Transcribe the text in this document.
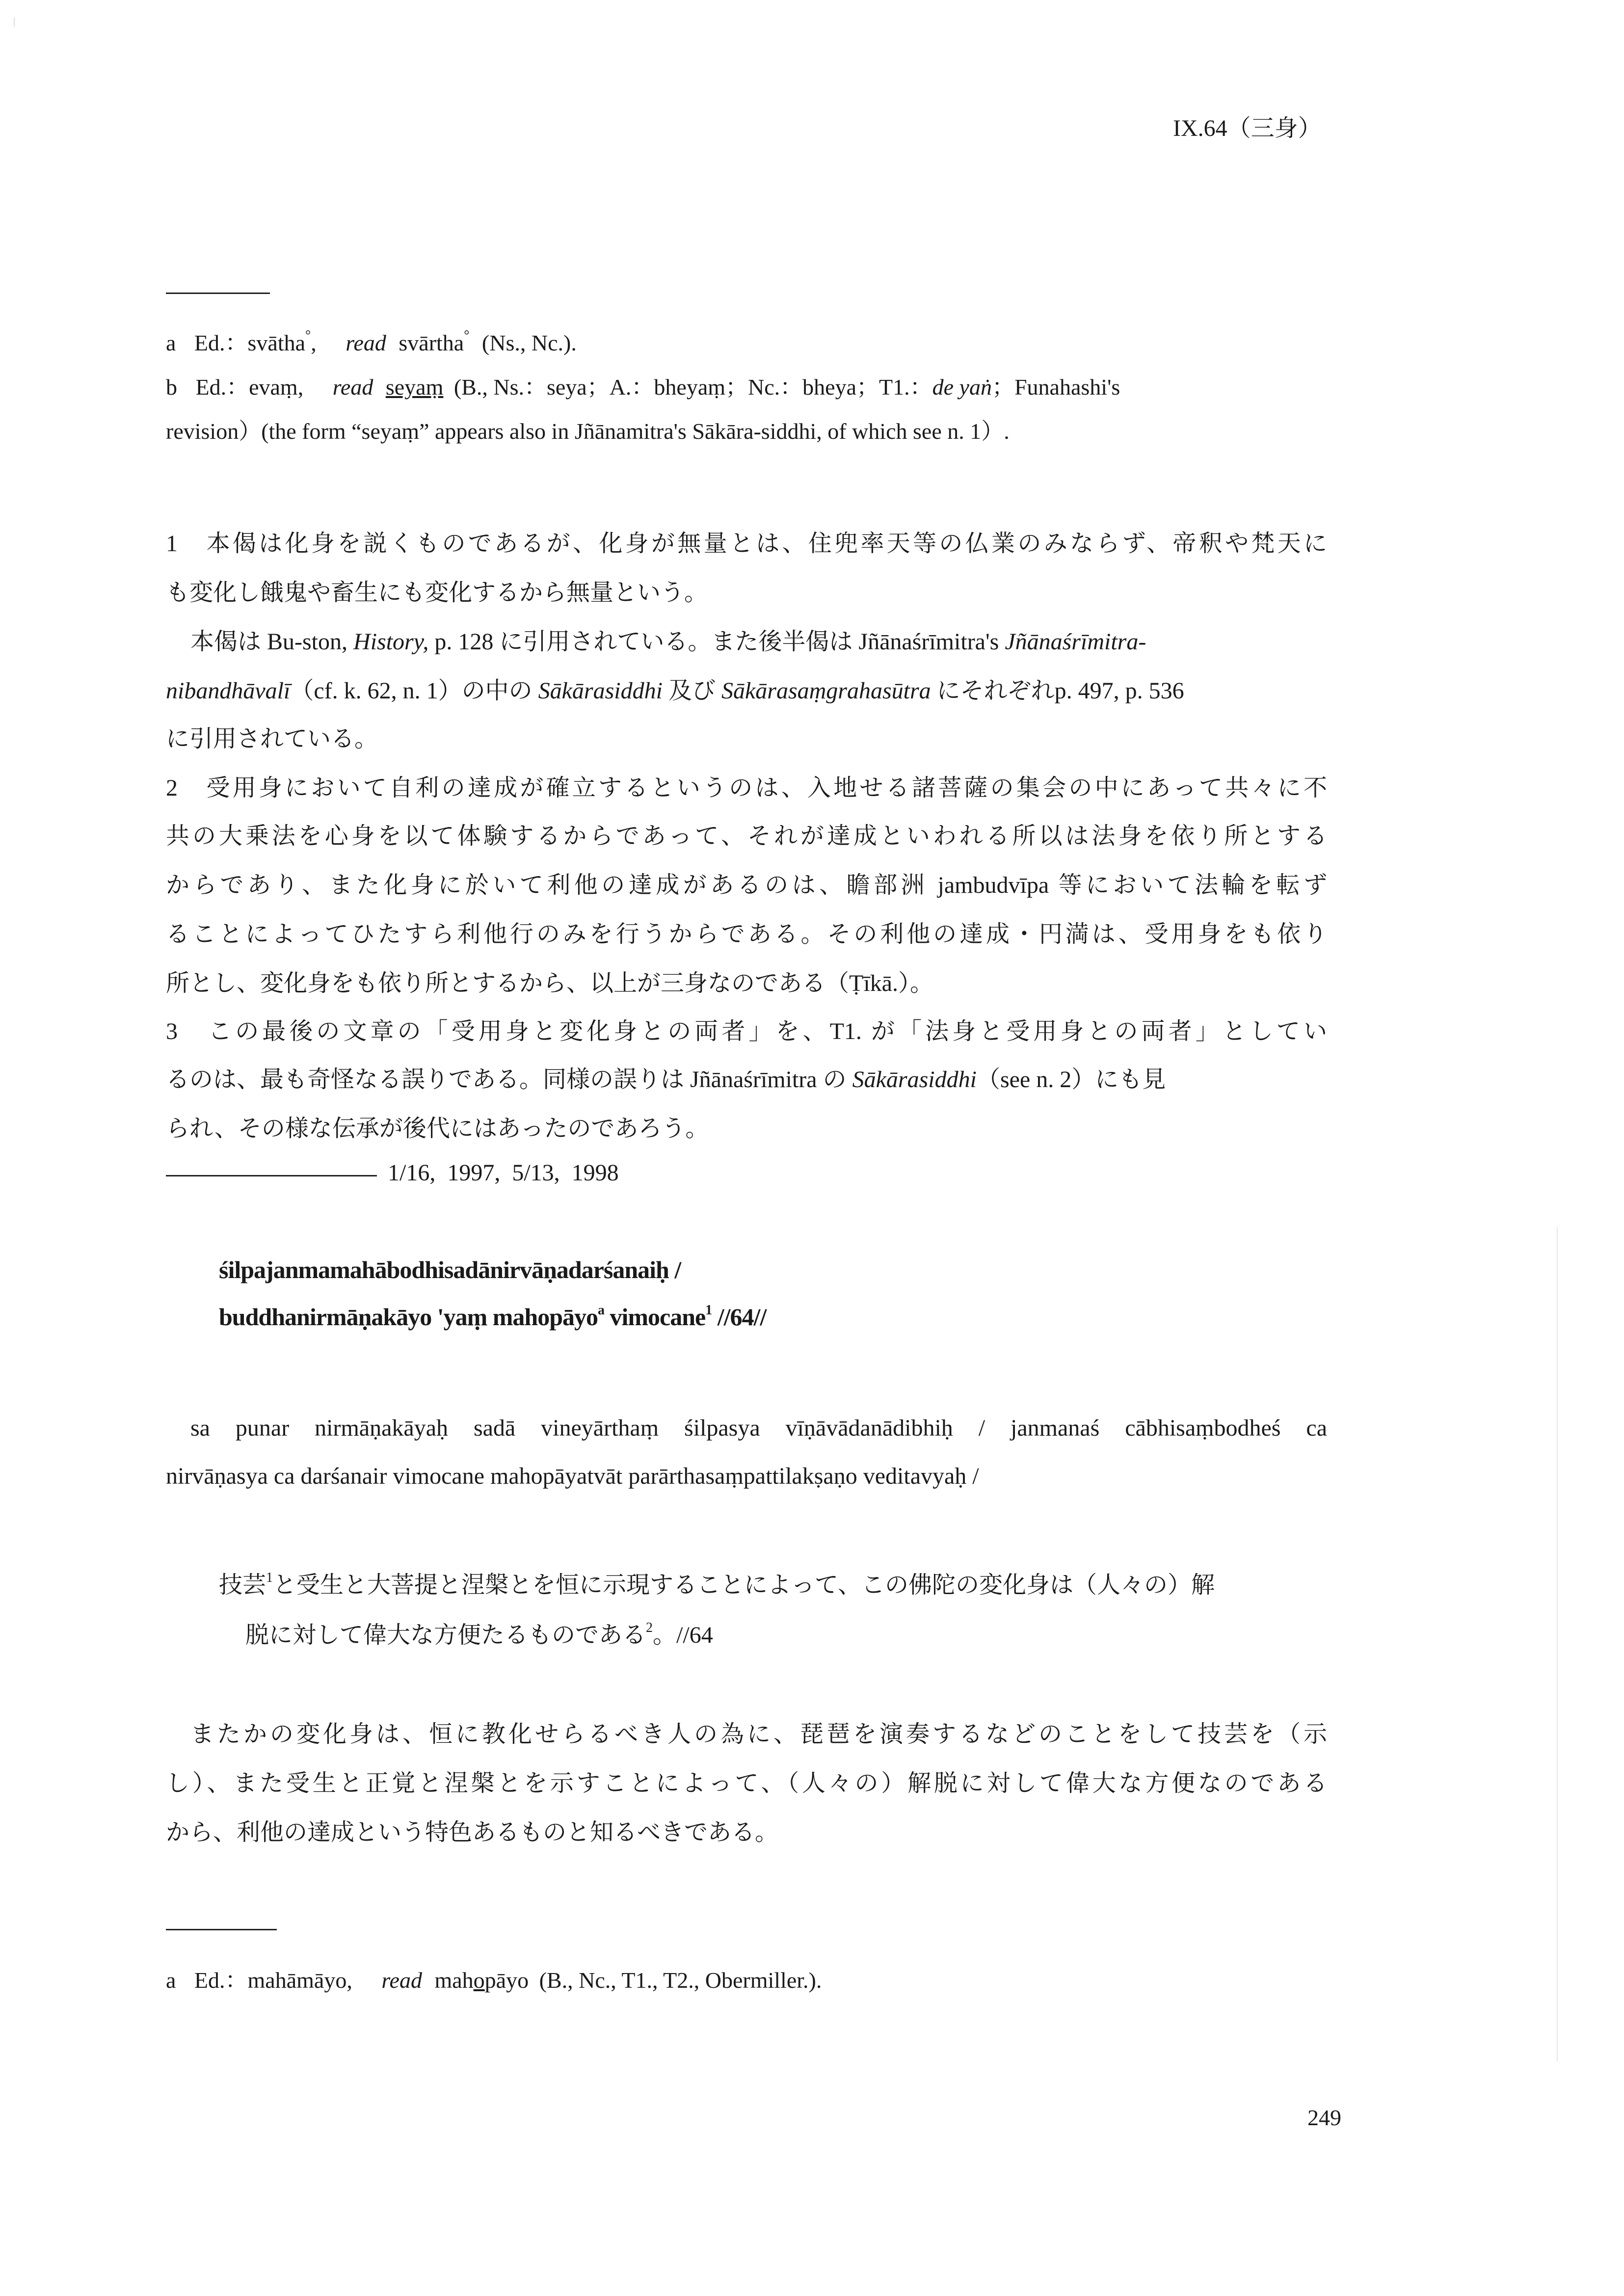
IX.64（三身）
a Ed.：svātha°, read svārtha° (Ns., Nc.).
b Ed.：evaṃ, read seyaṃ (B., Ns.：seya；A.：bheyaṃ；Nc.：bheya；T1.：de yaṅ；Funahashi's
revision）(the form “seyaṃ” appears also in Jñānamitra's Sākāra-siddhi, of which see n. 1）.
1　本偈は化身を説くものであるが、化身が無量とは、住兜率天等の仏業のみならず、帝釈や梵天に
も変化し餓鬼や畜生にも変化するから無量という。
本偈は Bu-ston, History, p. 128 に引用されている。また後半偈は Jñānaśrīmitra's Jñānaśrīmitra-
nibandhāvalī（cf. k. 62, n. 1）の中の Sākārasiddhi 及び Sākārasaṃgrahasūtra にそれぞれp. 497, p. 536
に引用されている。
2　受用身において自利の達成が確立するというのは、入地せる諸菩薩の集会の中にあって共々に不
共の大乗法を心身を以て体験するからであって、それが達成といわれる所以は法身を依り所とする
からであり、また化身に於いて利他の達成があるのは、瞻部洲 jambudvīpa 等において法輪を転ず
ることによってひたすら利他行のみを行うからである。その利他の達成・円満は、受用身をも依り
所とし、変化身をも依り所とするから、以上が三身なのである（Ṭīkā.）。
3　この最後の文章の「受用身と変化身との両者」を、T1. が「法身と受用身との両者」としてい
るのは、最も奇怪なる誤りである。同様の誤りは Jñānaśrīmitra の Sākārasiddhi（see n. 2）にも見
られ、その様な伝承が後代にはあったのであろう。
1/16, 1997, 5/13, 1998
śilpajanmamahābodhisadānirvāṇadarśanaiḥ /
buddhanirmāṇakāyo 'yaṃ mahopāyo$^a$ vimocane$^1$ //64//
sa punar nirmāṇakāyaḥ sadā vineyārthaṃ śilpasya vīṇāvādanādibhiḥ / janmanaś cābhisaṃbodheś ca
nirvāṇasya ca darśanair vimocane mahopāyatvāt parārthasaṃpattilakṣaṇo veditavyaḥ /
技芸$^1$と受生と大菩提と涅槃とを恒に示現することによって、この佛陀の変化身は（人々の）解
脱に対して偉大な方便たるものである$^2$。//64
またかの変化身は、恒に教化せらるべき人の為に、琵琶を演奏するなどのことをして技芸を（示
し）、また受生と正覚と涅槃とを示すことによって、（人々の）解脱に対して偉大な方便なのである
から、利他の達成という特色あるものと知るべきである。
a Ed.：mahāmāyo, read mahopāyo (B., Nc., T1., T2., Obermiller.).
249
